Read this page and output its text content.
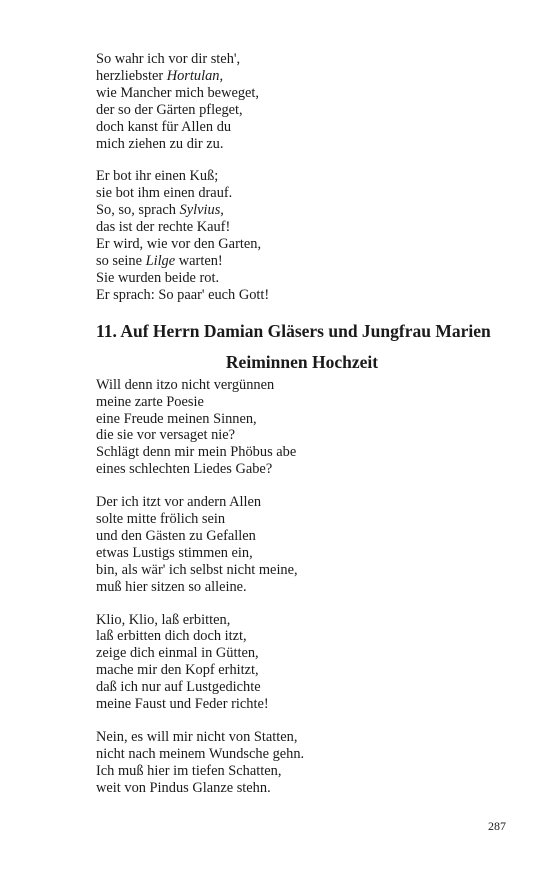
So wahr ich vor dir steh',
herzliebster Hortulan,
wie Mancher mich beweget,
der so der Gärten pfleget,
doch kanst für Allen du
mich ziehen zu dir zu.
Er bot ihr einen Kuß;
sie bot ihm einen drauf.
So, so, sprach Sylvius,
das ist der rechte Kauf!
Er wird, wie vor den Garten,
so seine Lilge warten!
Sie wurden beide rot.
Er sprach: So paar' euch Gott!
11. Auf Herrn Damian Gläsers und Jungfrau Marien
Reiminnen Hochzeit
Will denn itzo nicht vergünnen
meine zarte Poesie
eine Freude meinen Sinnen,
die sie vor versaget nie?
Schlägt denn mir mein Phöbus abe
eines schlechten Liedes Gabe?
Der ich itzt vor andern Allen
solte mitte frölich sein
und den Gästen zu Gefallen
etwas Lustigs stimmen ein,
bin, als wär' ich selbst nicht meine,
muß hier sitzen so alleine.
Klio, Klio, laß erbitten,
laß erbitten dich doch itzt,
zeige dich einmal in Gütten,
mache mir den Kopf erhitzt,
daß ich nur auf Lustgedichte
meine Faust und Feder richte!
Nein, es will mir nicht von Statten,
nicht nach meinem Wundsche gehn.
Ich muß hier im tiefen Schatten,
weit von Pindus Glanze stehn.
287
